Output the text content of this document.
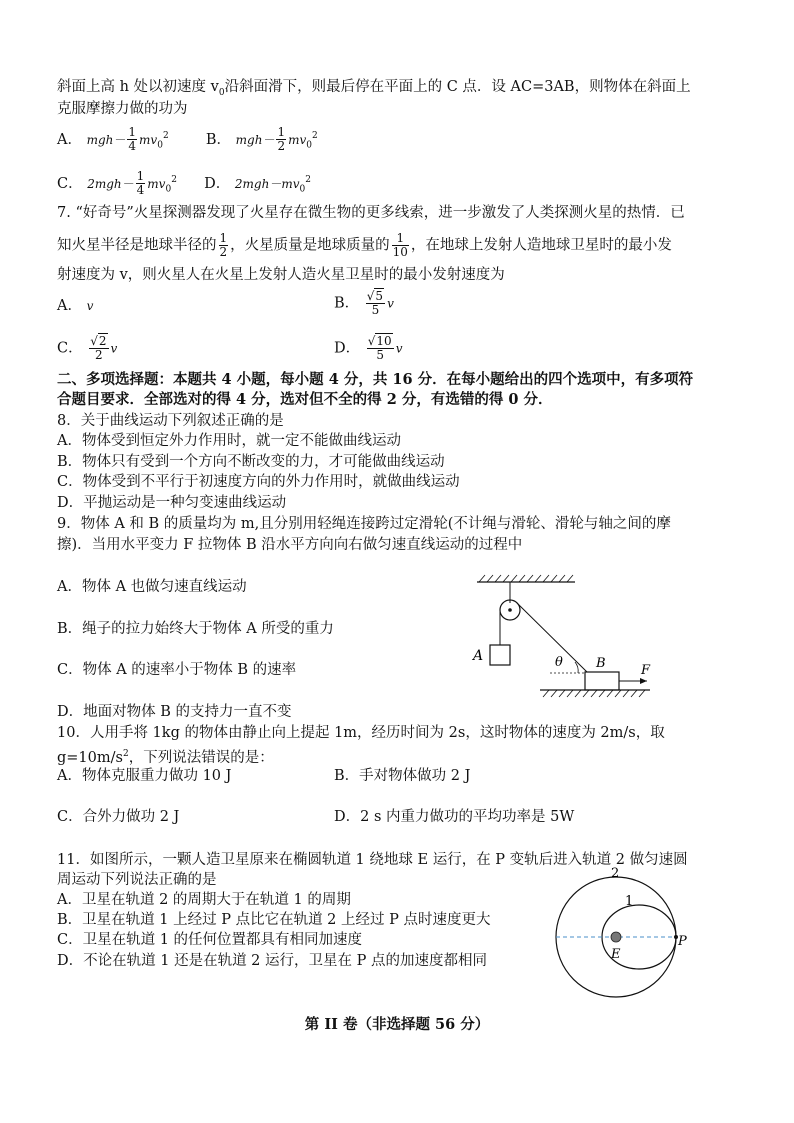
斜面上高 h 处以初速度 $v_0$沿斜面滑下，则最后停在平面上的 C 点．设 AC=3AB，则物体在斜面上
克服摩擦力做的功为
A． $mgh- \frac{1}{4} mv_0^2$	B． $mgh- \frac{1}{2} mv_0^2$
C． $2mgh- \frac{1}{4} mv_0^2$ D． $2mgh-mv_0^2$
7. “好奇号”火星探测器发现了火星存在微生物的更多线索，进一步激发了人类探测火星的热情．已
知火星半径是地球半径的 $\frac{1}{2}$ ，火星质量是地球质量的 $\frac{1}{10}$ ，在地球上发射人造地球卫星时的最小发
射速度为 v，则火星人在火星上发射人造火星卫星时的最小发射速度为
A． $^v$	B． $\frac{√5}{5}$ v
C． $\frac{√2}{2}$ v	D． $\frac{√10}{5}$ v
二、多项选择题：本题共 4 小题，每小题 4 分，共 16 分．在每小题给出的四个选项中，有多项符
合题目要求．全部选对的得 4 分，选对但不全的得 2 分，有选错的得 0 分．
8．关于曲线运动下列叙述正确的是
A．物体受到恒定外力作用时，就一定不能做曲线运动
B．物体只有受到一个方向不断改变的力，才可能做曲线运动
C．物体受到不平行于初速度方向的外力作用时，就做曲线运动
D．平抛运动是一种匀变速曲线运动
9．物体 A 和 B 的质量均为 m,且分别用轻绳连接跨过定滑轮(不计绳与滑轮、滑轮与轴之间的摩
擦)．当用水平变力 F 拉物体 B 沿水平方向向右做匀速直线运动的过程中
A．物体 A 也做匀速直线运动
B．绳子的拉力始终大于物体 A 所受的重力
C．物体 A 的速率小于物体 B 的速率
D．地面对物体 B 的支持力一直不变
A	θ	B	F
10．人用手将 1kg 的物体由静止向上提起 1m，经历时间为 2s，这时物体的速度为 2m/s，取
$g=10m/s^2$，下列说法错误的是：
A．物体克服重力做功 10 J	B．手对物体做功 2 J
C．合外力做功 2 J	D．2 s 内重力做功的平均功率是 5W
11．如图所示，一颗人造卫星原来在椭圆轨道 1 绕地球 E 运行，在 P 变轨后进入轨道 2 做匀速圆
周运动下列说法正确的是
A．卫星在轨道 2 的周期大于在轨道 1 的周期
B．卫星在轨道 1 上经过 P 点比它在轨道 2 上经过 P 点时速度更大
C．卫星在轨道 1 的任何位置都具有相同加速度
D．不论在轨道 1 还是在轨道 2 运行，卫星在 P 点的加速度都相同
2
1
E
P
第 II 卷（非选择题 56 分）
